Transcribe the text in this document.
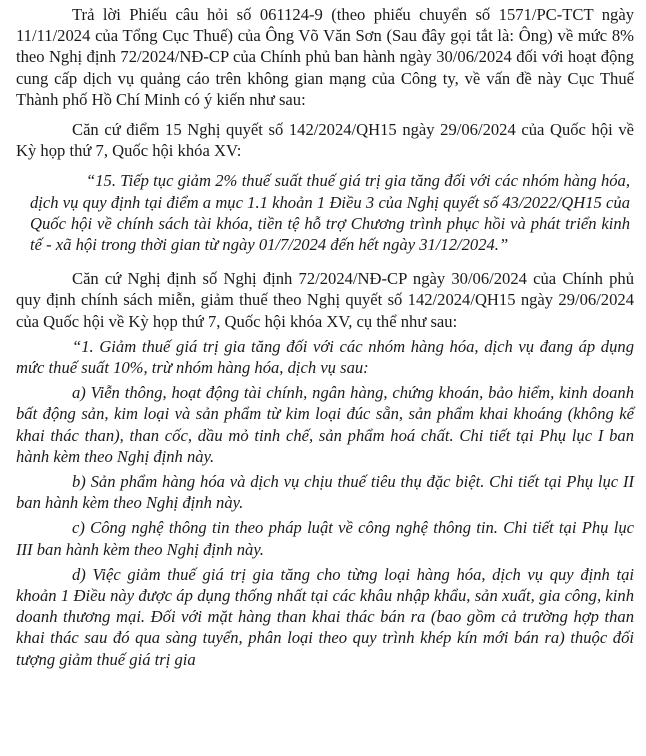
Trả lời Phiếu câu hỏi số 061124-9 (theo phiếu chuyển số 1571/PC-TCT ngày 11/11/2024 của Tổng Cục Thuế) của Ông Võ Văn Sơn (Sau đây gọi tắt là: Ông) về mức 8% theo Nghị định 72/2024/NĐ-CP của Chính phủ ban hành ngày 30/06/2024 đối với hoạt động cung cấp dịch vụ quảng cáo trên không gian mạng của Công ty, về vấn đề này Cục Thuế Thành phố Hồ Chí Minh có ý kiến như sau:

Căn cứ điểm 15 Nghị quyết số 142/2024/QH15 ngày 29/06/2024 của Quốc hội về Kỳ họp thứ 7, Quốc hội khóa XV:

“15. Tiếp tục giảm 2% thuế suất thuế giá trị gia tăng đối với các nhóm hàng hóa, dịch vụ quy định tại điểm a mục 1.1 khoản 1 Điều 3 của Nghị quyết số 43/2022/QH15 của Quốc hội về chính sách tài khóa, tiền tệ hỗ trợ Chương trình phục hồi và phát triển kinh tế - xã hội trong thời gian từ ngày 01/7/2024 đến hết ngày 31/12/2024.”

Căn cứ Nghị định số Nghị định 72/2024/NĐ-CP ngày 30/06/2024 của Chính phủ quy định chính sách miễn, giảm thuế theo Nghị quyết số 142/2024/QH15 ngày 29/06/2024 của Quốc hội về Kỳ họp thứ 7, Quốc hội khóa XV, cụ thể như sau:

“1. Giảm thuế giá trị gia tăng đối với các nhóm hàng hóa, dịch vụ đang áp dụng mức thuế suất 10%, trừ nhóm hàng hóa, dịch vụ sau:

a) Viễn thông, hoạt động tài chính, ngân hàng, chứng khoán, bảo hiểm, kinh doanh bất động sản, kim loại và sản phẩm từ kim loại đúc sẵn, sản phẩm khai khoáng (không kể khai thác than), than cốc, dầu mỏ tinh chế, sản phẩm hoá chất. Chi tiết tại Phụ lục I ban hành kèm theo Nghị định này.

b) Sản phẩm hàng hóa và dịch vụ chịu thuế tiêu thụ đặc biệt. Chi tiết tại Phụ lục II ban hành kèm theo Nghị định này.

c) Công nghệ thông tin theo pháp luật về công nghệ thông tin. Chi tiết tại Phụ lục III ban hành kèm theo Nghị định này.

d) Việc giảm thuế giá trị gia tăng cho từng loại hàng hóa, dịch vụ quy định tại khoản 1 Điều này được áp dụng thống nhất tại các khâu nhập khẩu, sản xuất, gia công, kinh doanh thương mại. Đối với mặt hàng than khai thác bán ra (bao gồm cả trường hợp than khai thác sau đó qua sàng tuyển, phân loại theo quy trình khép kín mới bán ra) thuộc đối tượng giảm thuế giá trị gia
